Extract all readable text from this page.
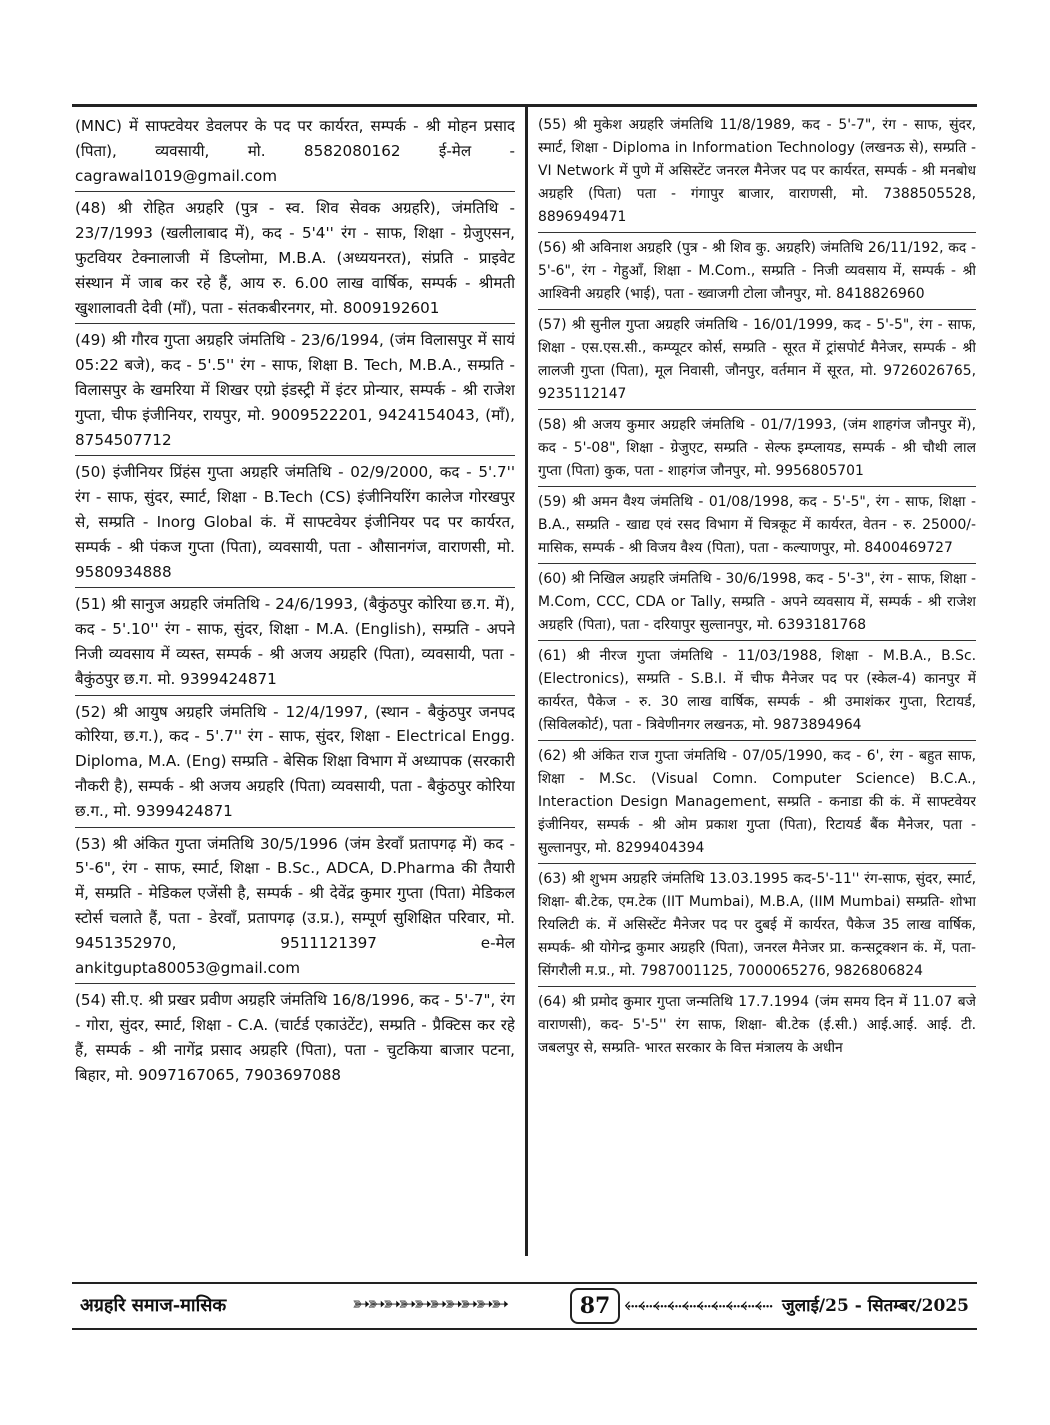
(MNC) में साफ्टवेयर डेवलपर के पद पर कार्यरत, सम्पर्क - श्री मोहन प्रसाद (पिता), व्यवसायी, मो. 8582080162 ई-मेल - cagrawal1019@gmail.com

(48) श्री रोहित अग्रहरि (पुत्र - स्व. शिव सेवक अग्रहरि), जंमतिथि - 23/7/1993 (खलीलाबाद में), कद - 5'4'' रंग - साफ, शिक्षा - ग्रेजुएसन, फुटवियर टेक्नालाजी में डिप्लोमा, M.B.A. (अध्ययनरत), संप्रति - प्राइवेट संस्थान में जाब कर रहे हैं, आय रु. 6.00 लाख वार्षिक, सम्पर्क - श्रीमती खुशालावती देवी (माँ), पता - संतकबीरनगर, मो. 8009192601

(49) श्री गौरव गुप्ता अग्रहरि जंमतिथि - 23/6/1994, (जंम विलासपुर में सायं 05:22 बजे), कद - 5'.5'' रंग - साफ, शिक्षा B. Tech, M.B.A., सम्प्रति - विलासपुर के खमरिया में शिखर एग्रो इंडस्ट्री में इंटर प्रोन्यार, सम्पर्क - श्री राजेश गुप्ता, चीफ इंजीनियर, रायपुर, मो. 9009522201, 9424154043, (माँ), 8754507712

(50) इंजीनियर प्रिंहंस गुप्ता अग्रहरि जंमतिथि - 02/9/2000, कद - 5'.7'' रंग - साफ, सुंदर, स्मार्ट, शिक्षा - B.Tech (CS) इंजीनियरिंग कालेज गोरखपुर से, सम्प्रति - Inorg Global कं. में साफ्टवेयर इंजीनियर पद पर कार्यरत, सम्पर्क - श्री पंकज गुप्ता (पिता), व्यवसायी, पता - औसानगंज, वाराणसी, मो. 9580934888

(51) श्री सानुज अग्रहरि जंमतिथि - 24/6/1993, (बैकुंठपुर कोरिया छ.ग. में), कद - 5'.10'' रंग - साफ, सुंदर, शिक्षा - M.A. (English), सम्प्रति - अपने निजी व्यवसाय में व्यस्त, सम्पर्क - श्री अजय अग्रहरि (पिता), व्यवसायी, पता - बैकुंठपुर छ.ग. मो. 9399424871

(52) श्री आयुष अग्रहरि जंमतिथि - 12/4/1997, (स्थान - बैकुंठपुर जनपद कोरिया, छ.ग.), कद - 5'.7'' रंग - साफ, सुंदर, शिक्षा - Electrical Engg. Diploma, M.A. (Eng) सम्प्रति - बेसिक शिक्षा विभाग में अध्यापक (सरकारी नौकरी है), सम्पर्क - श्री अजय अग्रहरि (पिता) व्यवसायी, पता - बैकुंठपुर कोरिया छ.ग., मो. 9399424871

(53) श्री अंकित गुप्ता जंमतिथि 30/5/1996 (जंम डेरवाँ प्रतापगढ़ में) कद - 5'-6", रंग - साफ, स्मार्ट, शिक्षा - B.Sc., ADCA, D.Pharma की तैयारी में, सम्प्रति - मेडिकल एजेंसी है, सम्पर्क - श्री देवेंद्र कुमार गुप्ता (पिता) मेडिकल स्टोर्स चलाते हैं, पता - डेरवाँ, प्रतापगढ़ (उ.प्र.), सम्पूर्ण सुशिक्षित परिवार, मो. 9451352970, 9511121397 e-मेल ankitgupta80053@gmail.com

(54) सी.ए. श्री प्रखर प्रवीण अग्रहरि जंमतिथि 16/8/1996, कद - 5'-7", रंग - गोरा, सुंदर, स्मार्ट, शिक्षा - C.A. (चार्टर्ड एकाउंटेंट), सम्प्रति - प्रैक्टिस कर रहे हैं, सम्पर्क - श्री नागेंद्र प्रसाद अग्रहरि (पिता), पता - चुटकिया बाजार पटना, बिहार, मो. 9097167065, 7903697088

(55) श्री मुकेश अग्रहरि जंमतिथि 11/8/1989, कद - 5'-7", रंग - साफ, सुंदर, स्मार्ट, शिक्षा - Diploma in Information Technology (लखनऊ से), सम्प्रति - VI Network में पुणे में असिस्टेंट जनरल मैनेजर पद पर कार्यरत, सम्पर्क - श्री मनबोध अग्रहरि (पिता) पता - गंगापुर बाजार, वाराणसी, मो. 7388505528, 8896949471

(56) श्री अविनाश अग्रहरि (पुत्र - श्री शिव कु. अग्रहरि) जंमतिथि 26/11/192, कद - 5'-6", रंग - गेहुआँ, शिक्षा - M.Com., सम्प्रति - निजी व्यवसाय में, सम्पर्क - श्री आश्विनी अग्रहरि (भाई), पता - ख्वाजगी टोला जौनपुर, मो. 8418826960

(57) श्री सुनील गुप्ता अग्रहरि जंमतिथि - 16/01/1999, कद - 5'-5", रंग - साफ, शिक्षा - एस.एस.सी., कम्प्यूटर कोर्स, सम्प्रति - सूरत में ट्रांसपोर्ट मैनेजर, सम्पर्क - श्री लालजी गुप्ता (पिता), मूल निवासी, जौनपुर, वर्तमान में सूरत, मो. 9726026765, 9235112147

(58) श्री अजय कुमार अग्रहरि जंमतिथि - 01/7/1993, (जंम शाहगंज जौनपुर में), कद - 5'-08", शिक्षा - ग्रेजुएट, सम्प्रति - सेल्फ इम्प्लायड, सम्पर्क - श्री चौथी लाल गुप्ता (पिता) कुक, पता - शाहगंज जौनपुर, मो. 9956805701

(59) श्री अमन वैश्य जंमतिथि - 01/08/1998, कद - 5'-5", रंग - साफ, शिक्षा - B.A., सम्प्रति - खाद्य एवं रसद विभाग में चित्रकूट में कार्यरत, वेतन - रु. 25000/- मासिक, सम्पर्क - श्री विजय वैश्य (पिता), पता - कल्याणपुर, मो. 8400469727

(60) श्री निखिल अग्रहरि जंमतिथि - 30/6/1998, कद - 5'-3", रंग - साफ, शिक्षा - M.Com, CCC, CDA or Tally, सम्प्रति - अपने व्यवसाय में, सम्पर्क - श्री राजेश अग्रहरि (पिता), पता - दरियापुर सुल्तानपुर, मो. 6393181768

(61) श्री नीरज गुप्ता जंमतिथि - 11/03/1988, शिक्षा - M.B.A., B.Sc. (Electronics), सम्प्रति - S.B.I. में चीफ मैनेजर पद पर (स्केल-4) कानपुर में कार्यरत, पैकेज - रु. 30 लाख वार्षिक, सम्पर्क - श्री उमाशंकर गुप्ता, रिटायर्ड, (सिविलकोर्ट), पता - त्रिवेणीनगर लखनऊ, मो. 9873894964

(62) श्री अंकित राज गुप्ता जंमतिथि - 07/05/1990, कद - 6', रंग - बहुत साफ, शिक्षा - M.Sc. (Visual Comn. Computer Science) B.C.A., Interaction Design Management, सम्प्रति - कनाडा की कं. में साफ्टवेयर इंजीनियर, सम्पर्क - श्री ओम प्रकाश गुप्ता (पिता), रिटायर्ड बैंक मैनेजर, पता - सुल्तानपुर, मो. 8299404394

(63) श्री शुभम अग्रहरि जंमतिथि 13.03.1995 कद-5'-11'' रंग-साफ, सुंदर, स्मार्ट, शिक्षा- बी.टेक, एम.टेक (IIT Mumbai), M.B.A, (IIM Mumbai) सम्प्रति- शोभा रियलिटी कं. में असिस्टेंट मैनेजर पद पर दुबई में कार्यरत, पैकेज 35 लाख वार्षिक, सम्पर्क- श्री योगेन्द्र कुमार अग्रहरि (पिता), जनरल मैनेजर प्रा. कन्सट्रक्शन कं. में, पता- सिंगरौली म.प्र., मो. 7987001125, 7000065276, 9826806824

(64) श्री प्रमोद कुमार गुप्ता जन्मतिथि 17.7.1994 (जंम समय दिन में 11.07 बजे वाराणसी), कद- 5'-5'' रंग साफ, शिक्षा- बी.टेक (ई.सी.) आई.आई. आई. टी. जबलपुर से, सम्प्रति- भारत सरकार के वित्त मंत्रालय के अधीन

अग्रहरि समाज-मासिक	➳➳➳➳➳➳➳➳➳➳	87 ⬸⬸⬸⬸⬸⬸⬸⬸⬸⬸ जुलाई/25 - सितम्बर/2025
